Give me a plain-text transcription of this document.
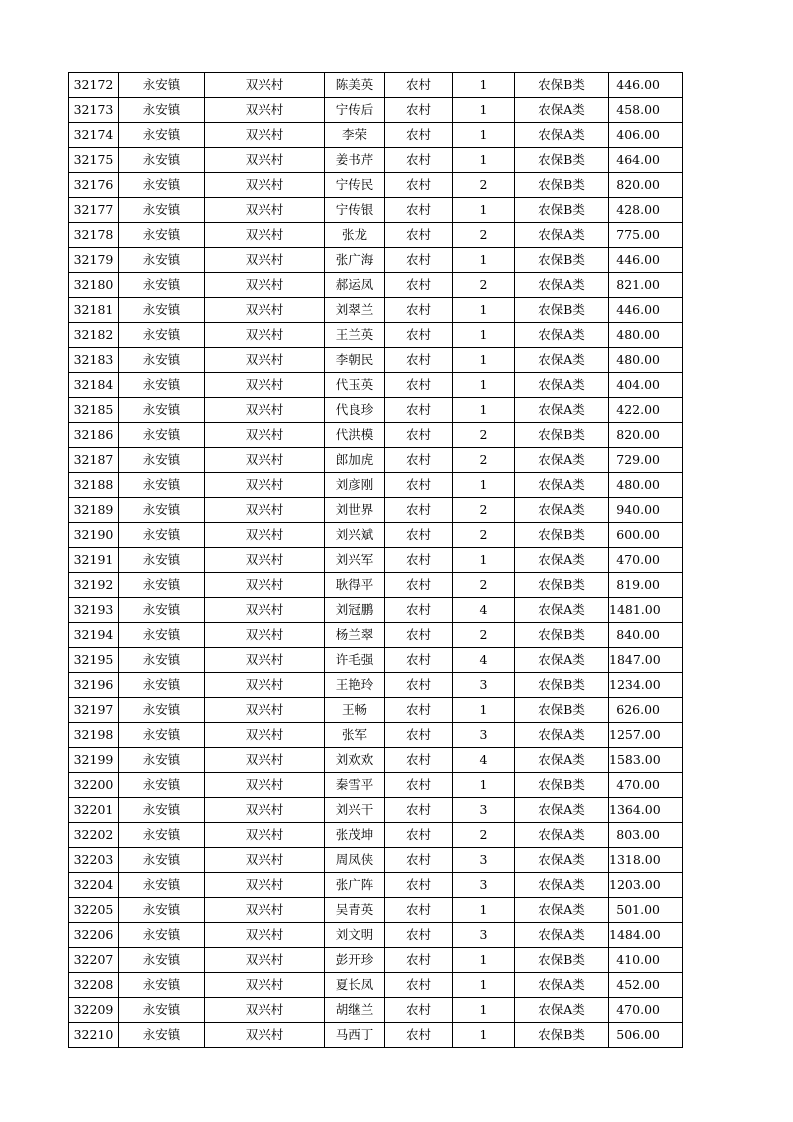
32172	永安镇	双兴村	陈美英	农村	1	农保B类	446.00
32173	永安镇	双兴村	宁传后	农村	1	农保A类	458.00
32174	永安镇	双兴村	李荣	农村	1	农保A类	406.00
32175	永安镇	双兴村	姜书芹	农村	1	农保B类	464.00
32176	永安镇	双兴村	宁传民	农村	2	农保B类	820.00
32177	永安镇	双兴村	宁传银	农村	1	农保B类	428.00
32178	永安镇	双兴村	张龙	农村	2	农保A类	775.00
32179	永安镇	双兴村	张广海	农村	1	农保B类	446.00
32180	永安镇	双兴村	郝运凤	农村	2	农保A类	821.00
32181	永安镇	双兴村	刘翠兰	农村	1	农保B类	446.00
32182	永安镇	双兴村	王兰英	农村	1	农保A类	480.00
32183	永安镇	双兴村	李朝民	农村	1	农保A类	480.00
32184	永安镇	双兴村	代玉英	农村	1	农保A类	404.00
32185	永安镇	双兴村	代良珍	农村	1	农保A类	422.00
32186	永安镇	双兴村	代洪模	农村	2	农保B类	820.00
32187	永安镇	双兴村	郎加虎	农村	2	农保A类	729.00
32188	永安镇	双兴村	刘彦刚	农村	1	农保A类	480.00
32189	永安镇	双兴村	刘世界	农村	2	农保A类	940.00
32190	永安镇	双兴村	刘兴斌	农村	2	农保B类	600.00
32191	永安镇	双兴村	刘兴军	农村	1	农保A类	470.00
32192	永安镇	双兴村	耿得平	农村	2	农保B类	819.00
32193	永安镇	双兴村	刘冠鹏	农村	4	农保A类	1481.00
32194	永安镇	双兴村	杨兰翠	农村	2	农保B类	840.00
32195	永安镇	双兴村	许毛强	农村	4	农保A类	1847.00
32196	永安镇	双兴村	王艳玲	农村	3	农保B类	1234.00
32197	永安镇	双兴村	王畅	农村	1	农保B类	626.00
32198	永安镇	双兴村	张军	农村	3	农保A类	1257.00
32199	永安镇	双兴村	刘欢欢	农村	4	农保A类	1583.00
32200	永安镇	双兴村	秦雪平	农村	1	农保B类	470.00
32201	永安镇	双兴村	刘兴干	农村	3	农保A类	1364.00
32202	永安镇	双兴村	张茂坤	农村	2	农保A类	803.00
32203	永安镇	双兴村	周凤侠	农村	3	农保A类	1318.00
32204	永安镇	双兴村	张广阵	农村	3	农保A类	1203.00
32205	永安镇	双兴村	吴青英	农村	1	农保A类	501.00
32206	永安镇	双兴村	刘文明	农村	3	农保A类	1484.00
32207	永安镇	双兴村	彭开珍	农村	1	农保B类	410.00
32208	永安镇	双兴村	夏长凤	农村	1	农保A类	452.00
32209	永安镇	双兴村	胡继兰	农村	1	农保A类	470.00
32210	永安镇	双兴村	马西丁	农村	1	农保B类	506.00
